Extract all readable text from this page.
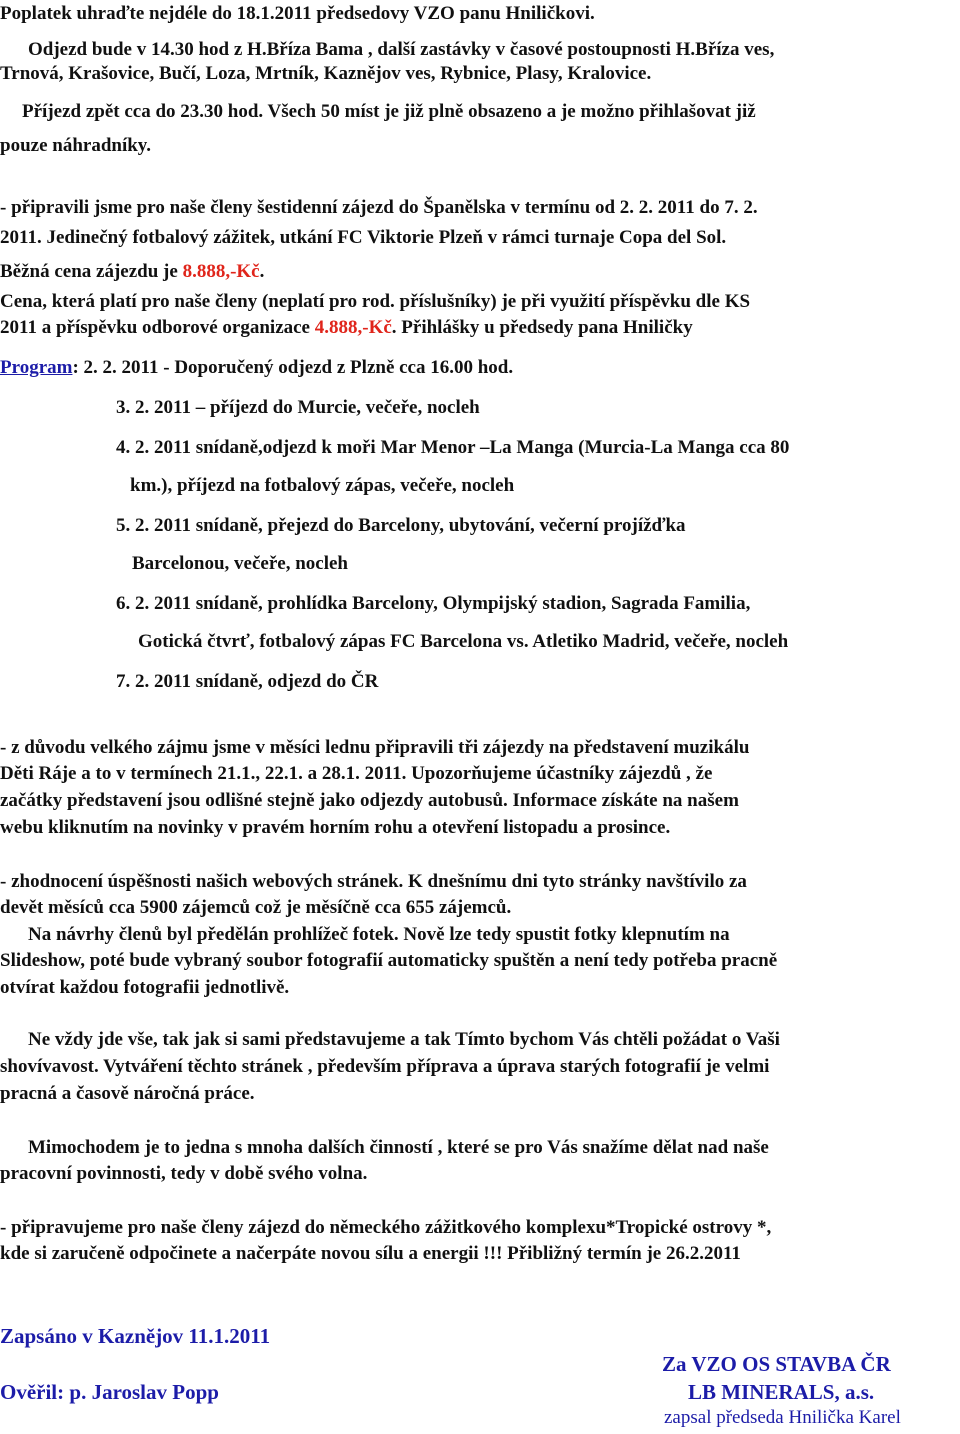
Poplatek uhraďte nejdéle do 18.1.2011 předsedovy VZO panu Hniličkovi.
Odjezd bude v 14.30 hod z H.Bříza Bama , další zastávky v časové postoupnosti H.Bříza ves,
Trnová, Krašovice, Bučí, Loza, Mrtník, Kaznějov ves, Rybnice, Plasy, Kralovice.
Příjezd zpět cca do 23.30 hod. Všech 50 míst je již plně obsazeno a je možno přihlašovat již
pouze náhradníky.
- připravili jsme pro naše členy šestidenní zájezd do Španělska v termínu od 2. 2. 2011 do 7. 2.
2011. Jedinečný fotbalový zážitek, utkání FC Viktorie Plzeň v rámci turnaje Copa del Sol.
Běžná cena zájezdu je 8.888,-Kč.
Cena, která platí pro naše členy (neplatí pro rod. příslušníky) je při využití příspěvku dle KS
2011 a příspěvku odborové organizace 4.888,-Kč. Přihlášky u předsedy pana Hniličky
Program: 2. 2. 2011 - Doporučený odjezd z Plzně cca 16.00 hod.
3. 2. 2011 – příjezd do Murcie, večeře, nocleh
4. 2. 2011 snídaně,odjezd k moři Mar Menor –La Manga (Murcia-La Manga cca 80
km.), příjezd na fotbalový zápas, večeře, nocleh
5. 2. 2011 snídaně, přejezd do Barcelony, ubytování, večerní projížďka
Barcelonou, večeře, nocleh
6. 2. 2011 snídaně, prohlídka Barcelony, Olympijský stadion, Sagrada Familia,
Gotická čtvrť, fotbalový zápas FC Barcelona vs. Atletiko Madrid, večeře, nocleh
7. 2. 2011 snídaně, odjezd do ČR
- z důvodu velkého zájmu jsme v měsíci lednu připravili tři zájezdy na představení muzikálu
Děti Ráje a to v termínech 21.1., 22.1. a 28.1. 2011. Upozorňujeme účastníky zájezdů , že
začátky představení jsou odlišné stejně jako odjezdy autobusů. Informace získáte na našem
webu kliknutím na novinky v pravém horním rohu a otevření listopadu a prosince.
- zhodnocení úspěšnosti našich webových stránek. K dnešnímu dni tyto stránky navštívilo za
devět měsíců cca 5900 zájemců což je měsíčně cca 655 zájemců.
Na návrhy členů byl předělán prohlížeč fotek. Nově lze tedy spustit fotky klepnutím na
Slideshow, poté bude vybraný soubor fotografií automaticky spuštěn a není tedy potřeba pracně
otvírat každou fotografii jednotlivě.
Ne vždy jde vše, tak jak si sami představujeme a tak Tímto bychom Vás chtěli požádat o Vaši
shovívavost. Vytváření těchto stránek , především příprava a úprava starých fotografií je velmi
pracná a časově náročná práce.
Mimochodem je to jedna s mnoha dalších činností , které se pro Vás snažíme dělat nad naše
pracovní povinnosti, tedy v době svého volna.
- připravujeme pro naše členy zájezd do německého zážitkového komplexu*Tropické ostrovy *,
kde si zaručeně odpočinete a načerpáte novou sílu a energii !!! Přibližný termín je 26.2.2011
Zapsáno v Kaznějov 11.1.2011
Za VZO OS STAVBA ČR
Ověřil: p. Jaroslav Popp	LB MINERALS, a.s.
zapsal předseda Hnilička Karel
